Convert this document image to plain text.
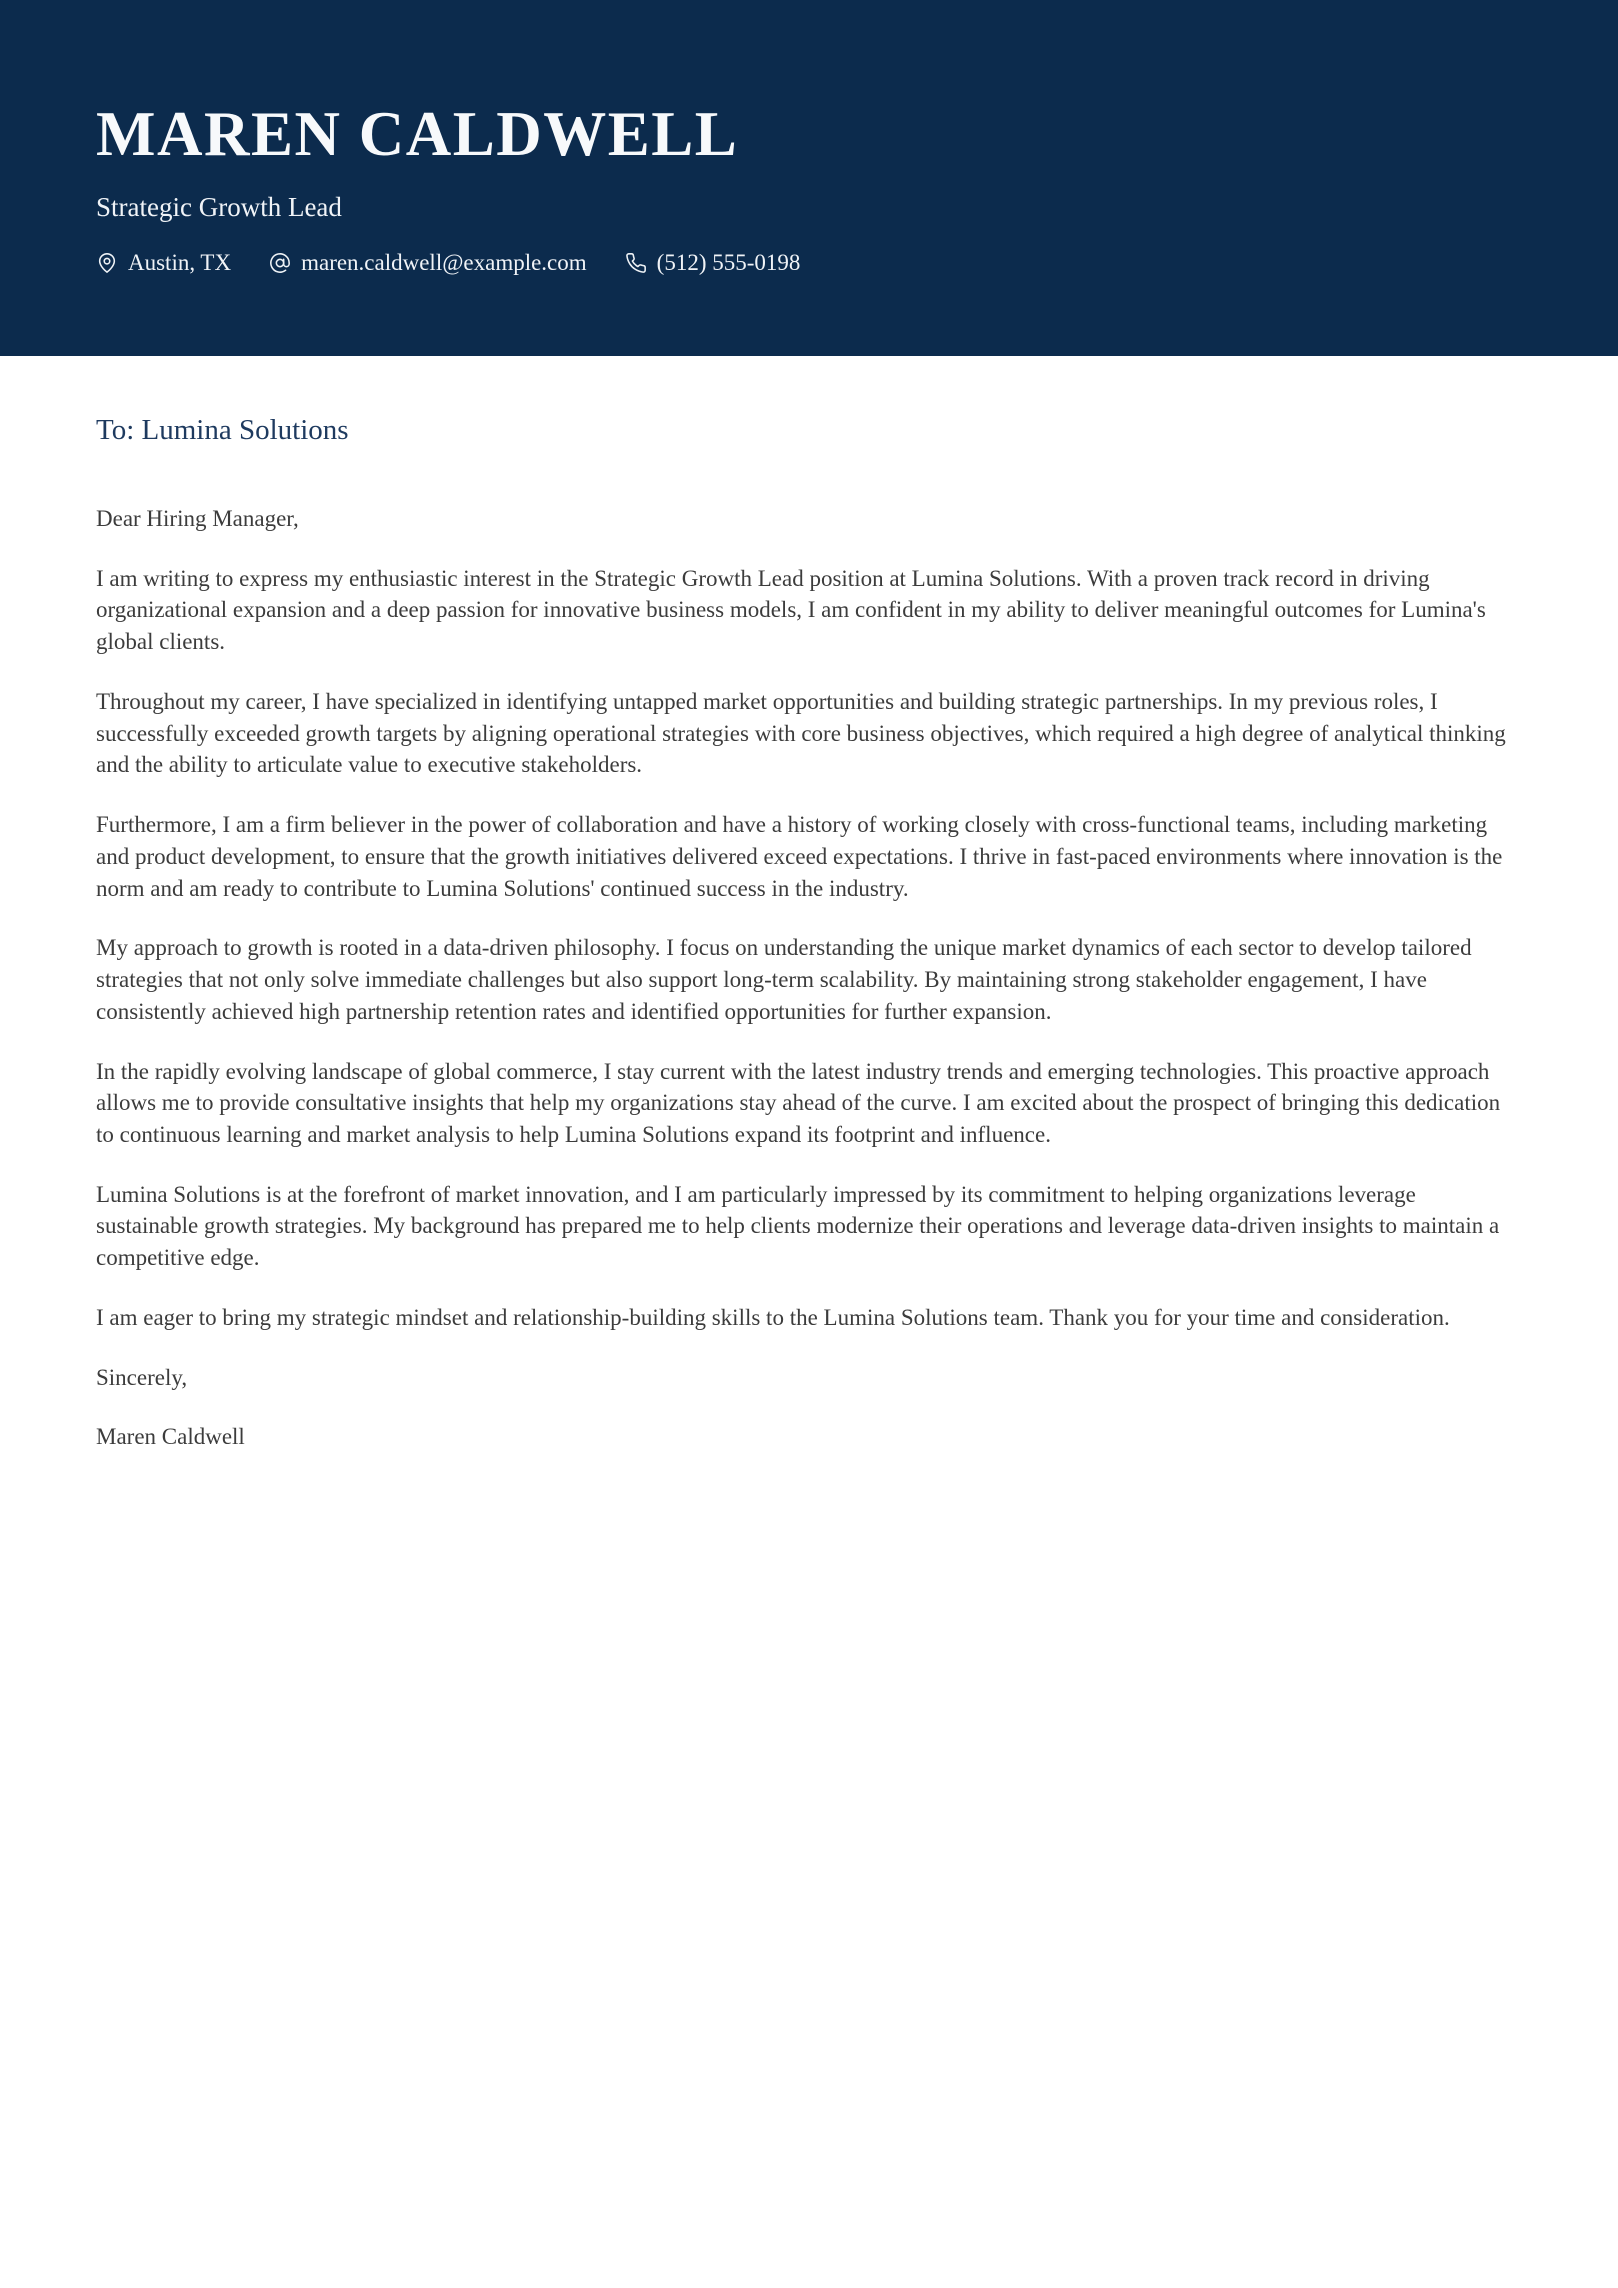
MAREN CALDWELL
Strategic Growth Lead
Austin, TX	maren.caldwell@example.com	(512) 555-0198
To: Lumina Solutions

Dear Hiring Manager,

I am writing to express my enthusiastic interest in the Strategic Growth Lead position at Lumina Solutions. With a proven track record in driving organizational expansion and a deep passion for innovative business models, I am confident in my ability to deliver meaningful outcomes for Lumina's global clients.

Throughout my career, I have specialized in identifying untapped market opportunities and building strategic partnerships. In my previous roles, I successfully exceeded growth targets by aligning operational strategies with core business objectives, which required a high degree of analytical thinking and the ability to articulate value to executive stakeholders.

Furthermore, I am a firm believer in the power of collaboration and have a history of working closely with cross-functional teams, including marketing and product development, to ensure that the growth initiatives delivered exceed expectations. I thrive in fast-paced environments where innovation is the norm and am ready to contribute to Lumina Solutions' continued success in the industry.

My approach to growth is rooted in a data-driven philosophy. I focus on understanding the unique market dynamics of each sector to develop tailored strategies that not only solve immediate challenges but also support long-term scalability. By maintaining strong stakeholder engagement, I have consistently achieved high partnership retention rates and identified opportunities for further expansion.

In the rapidly evolving landscape of global commerce, I stay current with the latest industry trends and emerging technologies. This proactive approach allows me to provide consultative insights that help my organizations stay ahead of the curve. I am excited about the prospect of bringing this dedication to continuous learning and market analysis to help Lumina Solutions expand its footprint and influence.

Lumina Solutions is at the forefront of market innovation, and I am particularly impressed by its commitment to helping organizations leverage sustainable growth strategies. My background has prepared me to help clients modernize their operations and leverage data-driven insights to maintain a competitive edge.

I am eager to bring my strategic mindset and relationship-building skills to the Lumina Solutions team. Thank you for your time and consideration.

Sincerely,

Maren Caldwell
